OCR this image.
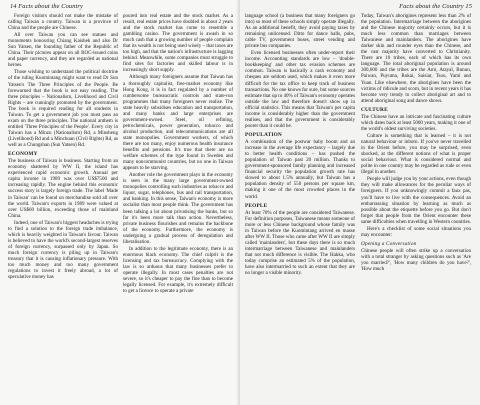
14 Facts about the Country

Foreign visitors should not make the mistake of calling Taiwan a country. Taiwan is a province of China and the people are Chinese.

All over Taiwan you can see statues and monuments honouring Chiang Kaishek and also Dr Sun Yatsen, the founding father of the Republic of China. Their pictures appear on all ROC-issued coins and paper currency, and they are regarded as national heroes.

Those wishing to understand the political doctrine of the ruling Kuomintang might want to read Dr Sun Yatsen's The Three Principles of the People. Be forewarned that the book is not easy reading. The three principles – Nationalism, Livelihood and Civil Rights – are cunningly promoted by the government. The book is required reading for all students in Taiwan. To get a government job you must pass an exam on the three principles. The national anthem is entitled 'Three Principles of the People'. Every city in Taiwan has a Minzu (Nationalism) Rd, a Minsheng (Livelihood) Rd and a Minchuan (Civil Rights) Rd, as well as a Chungshan (Sun Yatsen) Rd.

ECONOMY

The business of Taiwan is business. Starting from an economy shattered by WW II, the island has experienced rapid economic growth. Annual per capita income in 1989 was over US$7500 and increasing rapidly. The engine behind this economic success story is largely foreign trade. The label 'Made in Taiwan' can be found on merchandise sold all over the world. Taiwan's exports in 1989 were valued at over US$60 billion, exceeding those of mainland China.

Indeed, one of Taiwan's biggest headaches is trying to find a solution to the foreign trade imbalance, which is heavily weighted in Taiwan's favour. Taiwan is believed to have the world's second-largest reserves of foreign currency, surpassed only by Japan. So much foreign currency is piling up in Taiwan's treasury that it is causing inflationary pressure. With too much money and too many government regulations to invest it freely abroad, a lot of speculative money has

poured into real estate and the stock market. As a result, real estate prices have doubled in about 2 years and the stock market has come to resemble a gambling casino. The government is awash in so much cash that a growing number of people complain that its wealth is not being used wisely – that taxes are too high, and that the nation's infrastructure is lagging behind. Meanwhile, some companies must struggle to find sites for factories and skilled labour is in increasingly short supply.

Although many foreigners assume that Taiwan has a thoroughly capitalist, free-market economy like Hong Kong, it is in fact regulated by a number of cumbersome bureaucratic controls and state-run programmes that many foreigners never realise. The state heavily subsidises education and transportation, and many banks and large enterprises are government-owned. Steel, oil refining, petrochemicals, power generation, tobacco and alcohol production, and telecommunications are all state monopolies. Government workers, of which there are too many, enjoy numerous health insurance benefits and pensions. It's true that there are no welfare schemes of the type found in Sweden and many noncommunist countries, but no one in Taiwan appears to be starving.

Another role the government plays in the economy is seen in the many large government-owned monopolies controlling such industries as tobacco and liquor, sugar, telephones, bus and rail transportation, and banking. In this sense, Taiwan's economy is more socialist than most people think. The government has been talking a lot about privatising the banks, but so far it's been more talk than action. Nevertheless, private business flourishes and remains the backbone of the economy. Furthermore, the economy is undergoing a gradual process of deregulation and liberalisation.

In addition to the legitimate economy, there is an enormous black economy. The chief culprit is the licensing and tax bureaucracy. Complying with the law is so arduous that many businesses prefer to operate illegally. In most cases penalties are not severe, so it's cheaper to pay the fine than to become legally licensed. For example, it's extremely difficult to get a licence to operate a private

Facts about the Country 15

language school (a business that many foreigners go into) so most of these schools simply operate illegally. As an additional benefit, they avoid paying taxes by remaining unlicensed. Ditto for dance halls, pubs, cable TV, government buses, street vending and private bus companies.

Even licensed businesses often under-report their income. Accounting standards are low – 'double-bookkeeping' and other tax evasion schemes are common. Taiwan is basically a cash economy and cheques are seldom used, which makes it even more difficult for the tax office to keep track of business transactions. No one knows for sure, but some sources estimate that up to 40% of Taiwan's economy operates outside the law and therefore doesn't show up in official statistics. This means that Taiwan's per capita income is considerably higher than the government realises, and that the government is considerably poorer than it could be.

POPULATION

A combination of the postwar baby boom and an increase in the average life expectancy – largely due to better health conditions – has pushed the population of Taiwan past 20 million. Thanks to government-sponsored family planning and increased financial security the population growth rate has slowed to about 1.5% annually, but Taiwan has a population density of 550 persons per square km, making it one of the most crowded places in the world.

PEOPLE

At least 70% of the people are considered Taiwanese. For definition purposes, Taiwanese means someone of more or less Chinese background whose family was in Taiwan before the Kuomintang arrived en masse after WW II. Those who came after WW II are simply called 'mainlanders', but these days there is so much intermarriage between Taiwanese and mainlanders that not much difference is visible. The Hakka, who today comprise an estimated 5% of the population, have also intermarried to such an extent that they are no longer a visible minority.

Today, Taiwan's aborigines represent less than 2% of the population. Intermarriage between the aborigines and the Chinese majority certainly occurs, but it is much less common than marriages between Taiwanese and mainlanders. The aborigines have darker skin and rounder eyes than the Chinese, and the vast majority have converted to Christianity. There are 10 tribes, each of which has its own language. The total aboriginal population is around 300,000 and the tribes are the Ami, Atayal, Bunun, Paiwan, Puyuma, Rukai, Saisiat, Tsou, Yami and Yuan. Like elsewhere, the aborigines have been the victims of ridicule and scorn, but in recent years it has become very trendy to collect aboriginal art and to attend aboriginal song and dance shows.

CULTURE

The Chinese have an intricate and fascinating culture which dates back at least 5000 years, making it one of the world's oldest surviving societies.

Culture is something that is learned – it is not natural behaviour or inborn. If you've never travelled in the Orient before, you may be surprised, even shocked, at the different notions of what is proper social behaviour. What is considered normal and polite in one country may be regarded as rude or even illegal in another.

People will judge you by your actions, even though they will make allowances for the peculiar ways of foreigners. If you unknowingly commit a faux pas, you'll have to live with the consequences. Avoid an embarrassing situation by learning as much as possible about the etiquette before you go. But don't forget that people from the Orient encounter these same difficulties when travelling in Western countries.

Here's a checklist of some social situations you may encounter:

Opening a Conversation

Chinese people will often strike up a conversation with a total stranger by asking questions such as 'Are you married?', 'How many children do you have?', 'How much
